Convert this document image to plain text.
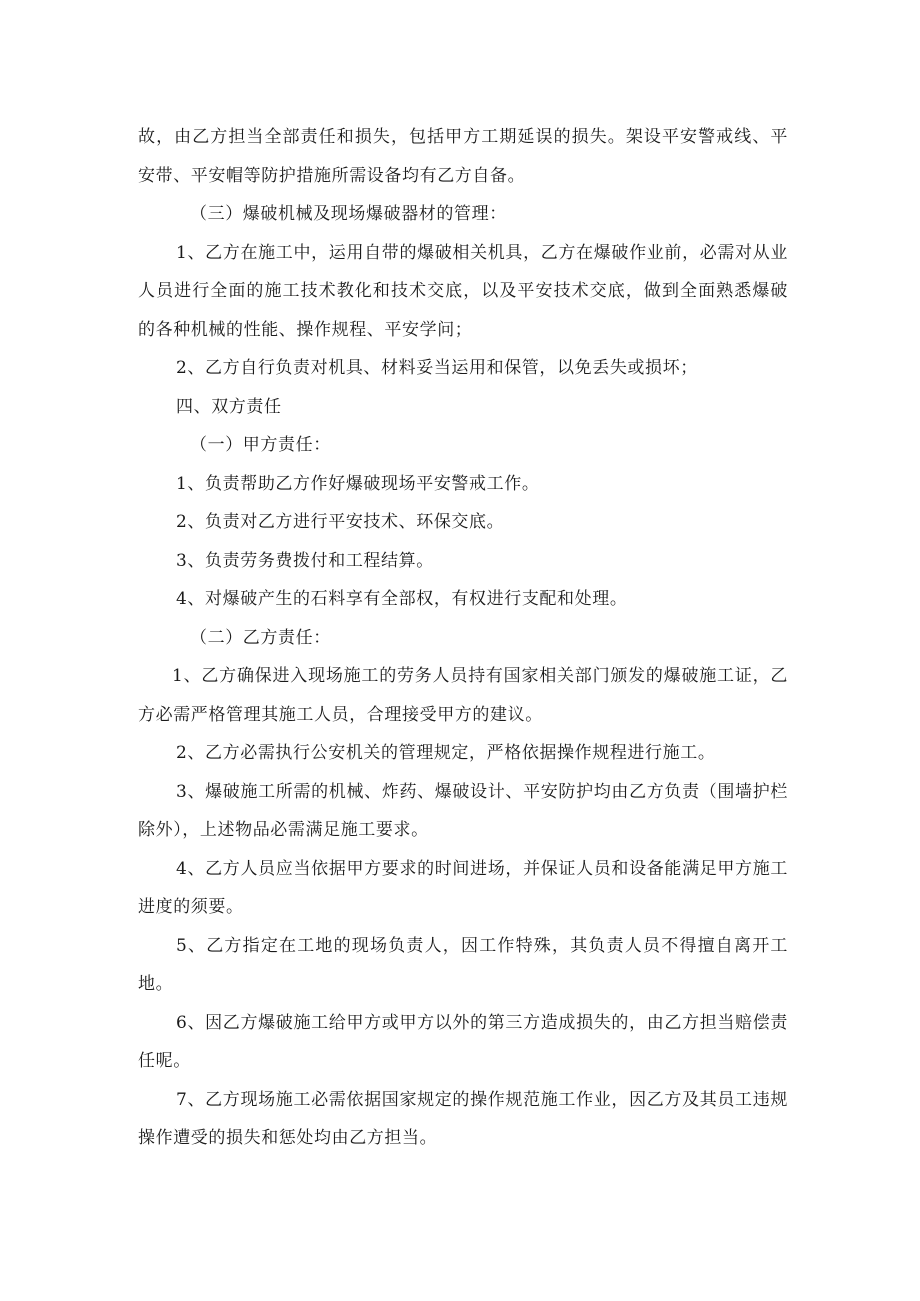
故，由乙方担当全部责任和损失，包括甲方工期延误的损失。架设平安警戒线、平安带、平安帽等防护措施所需设备均有乙方自备。

（三）爆破机械及现场爆破器材的管理：

1、乙方在施工中，运用自带的爆破相关机具，乙方在爆破作业前，必需对从业人员进行全面的施工技术教化和技术交底，以及平安技术交底，做到全面熟悉爆破的各种机械的性能、操作规程、平安学问；

2、乙方自行负责对机具、材料妥当运用和保管，以免丢失或损坏；

四、双方责任

（一）甲方责任：

1、负责帮助乙方作好爆破现场平安警戒工作。

2、负责对乙方进行平安技术、环保交底。

3、负责劳务费拨付和工程结算。

4、对爆破产生的石料享有全部权，有权进行支配和处理。

（二）乙方责任：

1、乙方确保进入现场施工的劳务人员持有国家相关部门颁发的爆破施工证，乙方必需严格管理其施工人员，合理接受甲方的建议。

2、乙方必需执行公安机关的管理规定，严格依据操作规程进行施工。

3、爆破施工所需的机械、炸药、爆破设计、平安防护均由乙方负责（围墙护栏除外），上述物品必需满足施工要求。

4、乙方人员应当依据甲方要求的时间进场，并保证人员和设备能满足甲方施工进度的须要。

5、乙方指定在工地的现场负责人，因工作特殊，其负责人员不得擅自离开工地。

6、因乙方爆破施工给甲方或甲方以外的第三方造成损失的，由乙方担当赔偿责任呢。

7、乙方现场施工必需依据国家规定的操作规范施工作业，因乙方及其员工违规操作遭受的损失和惩处均由乙方担当。
